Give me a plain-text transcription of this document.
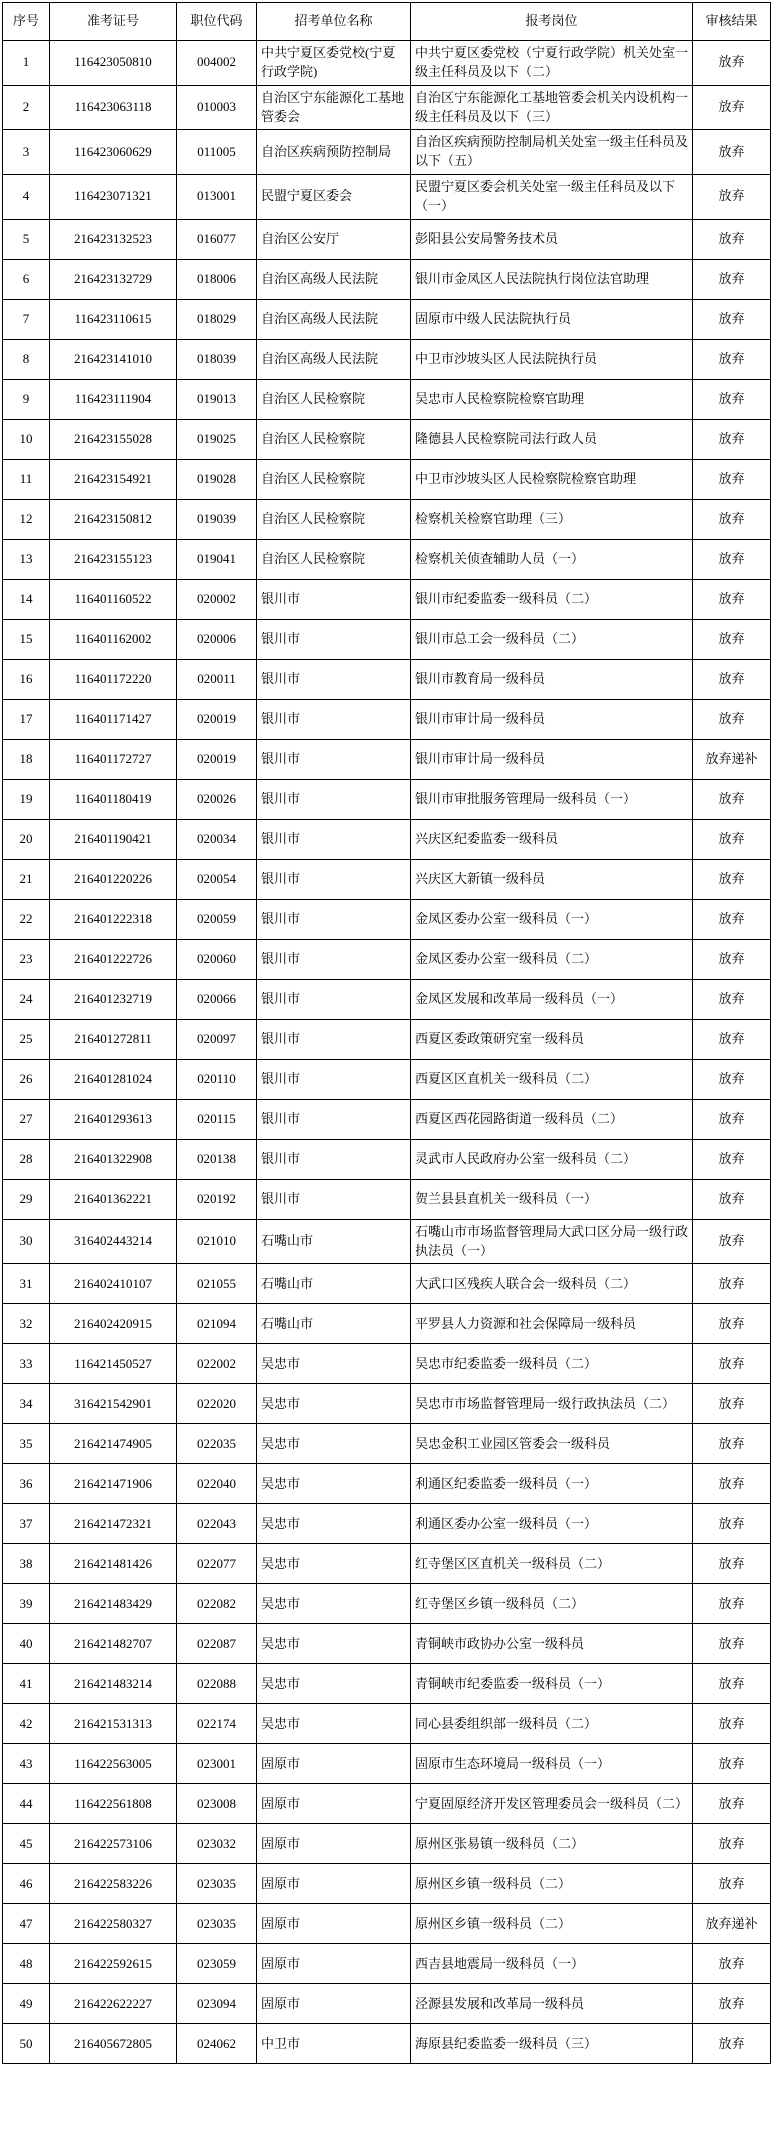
序号	准考证号	职位代码	招考单位名称	报考岗位	审核结果
1	116423050810	004002	中共宁夏区委党校(宁夏行政学院)	中共宁夏区委党校（宁夏行政学院）机关处室一级主任科员及以下（二）	放弃
2	116423063118	010003	自治区宁东能源化工基地管委会	自治区宁东能源化工基地管委会机关内设机构一级主任科员及以下（三）	放弃
3	116423060629	011005	自治区疾病预防控制局	自治区疾病预防控制局机关处室一级主任科员及以下（五）	放弃
4	116423071321	013001	民盟宁夏区委会	民盟宁夏区委会机关处室一级主任科员及以下（一）	放弃
5	216423132523	016077	自治区公安厅	彭阳县公安局警务技术员	放弃
6	216423132729	018006	自治区高级人民法院	银川市金凤区人民法院执行岗位法官助理	放弃
7	116423110615	018029	自治区高级人民法院	固原市中级人民法院执行员	放弃
8	216423141010	018039	自治区高级人民法院	中卫市沙坡头区人民法院执行员	放弃
9	116423111904	019013	自治区人民检察院	吴忠市人民检察院检察官助理	放弃
10	216423155028	019025	自治区人民检察院	隆德县人民检察院司法行政人员	放弃
11	216423154921	019028	自治区人民检察院	中卫市沙坡头区人民检察院检察官助理	放弃
12	216423150812	019039	自治区人民检察院	检察机关检察官助理（三）	放弃
13	216423155123	019041	自治区人民检察院	检察机关侦查辅助人员（一）	放弃
14	116401160522	020002	银川市	银川市纪委监委一级科员（二）	放弃
15	116401162002	020006	银川市	银川市总工会一级科员（二）	放弃
16	116401172220	020011	银川市	银川市教育局一级科员	放弃
17	116401171427	020019	银川市	银川市审计局一级科员	放弃
18	116401172727	020019	银川市	银川市审计局一级科员	放弃递补
19	116401180419	020026	银川市	银川市审批服务管理局一级科员（一）	放弃
20	216401190421	020034	银川市	兴庆区纪委监委一级科员	放弃
21	216401220226	020054	银川市	兴庆区大新镇一级科员	放弃
22	216401222318	020059	银川市	金凤区委办公室一级科员（一）	放弃
23	216401222726	020060	银川市	金凤区委办公室一级科员（二）	放弃
24	216401232719	020066	银川市	金凤区发展和改革局一级科员（一）	放弃
25	216401272811	020097	银川市	西夏区委政策研究室一级科员	放弃
26	216401281024	020110	银川市	西夏区区直机关一级科员（二）	放弃
27	216401293613	020115	银川市	西夏区西花园路街道一级科员（二）	放弃
28	216401322908	020138	银川市	灵武市人民政府办公室一级科员（二）	放弃
29	216401362221	020192	银川市	贺兰县县直机关一级科员（一）	放弃
30	316402443214	021010	石嘴山市	石嘴山市市场监督管理局大武口区分局一级行政执法员（一）	放弃
31	216402410107	021055	石嘴山市	大武口区残疾人联合会一级科员（二）	放弃
32	216402420915	021094	石嘴山市	平罗县人力资源和社会保障局一级科员	放弃
33	116421450527	022002	吴忠市	吴忠市纪委监委一级科员（二）	放弃
34	316421542901	022020	吴忠市	吴忠市市场监督管理局一级行政执法员（二）	放弃
35	216421474905	022035	吴忠市	吴忠金积工业园区管委会一级科员	放弃
36	216421471906	022040	吴忠市	利通区纪委监委一级科员（一）	放弃
37	216421472321	022043	吴忠市	利通区委办公室一级科员（一）	放弃
38	216421481426	022077	吴忠市	红寺堡区区直机关一级科员（二）	放弃
39	216421483429	022082	吴忠市	红寺堡区乡镇一级科员（二）	放弃
40	216421482707	022087	吴忠市	青铜峡市政协办公室一级科员	放弃
41	216421483214	022088	吴忠市	青铜峡市纪委监委一级科员（一）	放弃
42	216421531313	022174	吴忠市	同心县委组织部一级科员（二）	放弃
43	116422563005	023001	固原市	固原市生态环境局一级科员（一）	放弃
44	116422561808	023008	固原市	宁夏固原经济开发区管理委员会一级科员（二）	放弃
45	216422573106	023032	固原市	原州区张易镇一级科员（二）	放弃
46	216422583226	023035	固原市	原州区乡镇一级科员（二）	放弃
47	216422580327	023035	固原市	原州区乡镇一级科员（二）	放弃递补
48	216422592615	023059	固原市	西吉县地震局一级科员（一）	放弃
49	216422622227	023094	固原市	泾源县发展和改革局一级科员	放弃
50	216405672805	024062	中卫市	海原县纪委监委一级科员（三）	放弃
